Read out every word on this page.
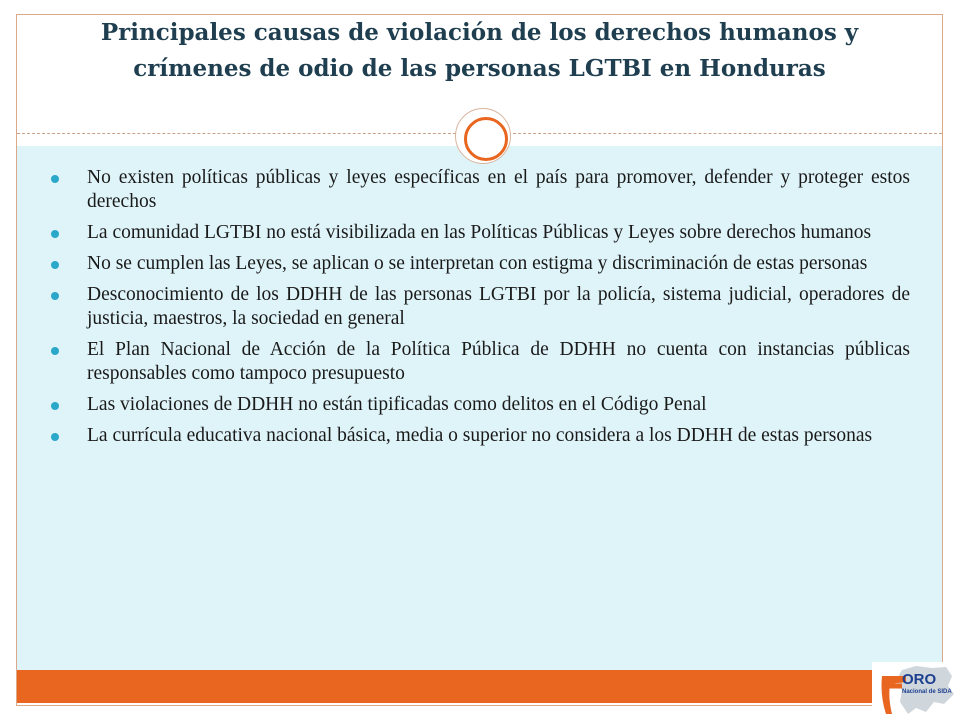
Principales causas de violación de los derechos humanos y crímenes de odio de las personas LGTBI en Honduras
No existen políticas públicas y leyes específicas en el país para promover, defender y proteger estos derechos
La comunidad LGTBI no está visibilizada en las Políticas Públicas y Leyes sobre derechos humanos
No se cumplen las Leyes, se aplican o se interpretan con estigma y discriminación de estas personas
Desconocimiento de los DDHH de las personas LGTBI por la policía, sistema judicial, operadores de justicia, maestros, la sociedad en general
El Plan Nacional de Acción de la Política Pública de DDHH no cuenta con instancias públicas responsables como tampoco presupuesto
Las violaciones de DDHH no están tipificadas como delitos en el Código Penal
La currícula educativa nacional básica, media o superior no considera a los DDHH de estas personas
ORO
Nacional de SIDA
